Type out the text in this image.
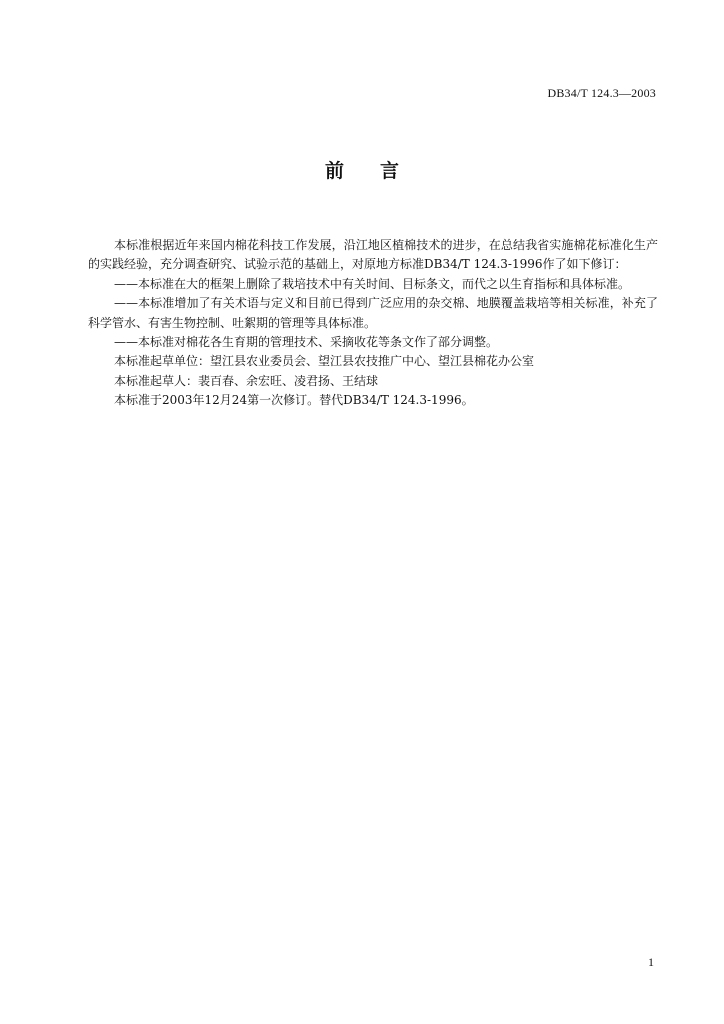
DB34/T 124.3—2003
前言

本标准根据近年来国内棉花科技工作发展，沿江地区植棉技术的进步，在总结我省实施棉花标准化生产的实践经验，充分调查研究、试验示范的基础上，对原地方标准DB34/T 124.3-1996作了如下修订：

——本标准在大的框架上删除了栽培技术中有关时间、目标条文，而代之以生育指标和具体标准。

——本标准增加了有关术语与定义和目前已得到广泛应用的杂交棉、地膜覆盖栽培等相关标准，补充了科学管水、有害生物控制、吐絮期的管理等具体标准。

——本标准对棉花各生育期的管理技术、采摘收花等条文作了部分调整。

本标准起草单位：望江县农业委员会、望江县农技推广中心、望江县棉花办公室

本标准起草人：裴百春、余宏旺、凌君扬、王结球

本标准于2003年12月24第一次修订。替代DB34/T 124.3-1996。

1
